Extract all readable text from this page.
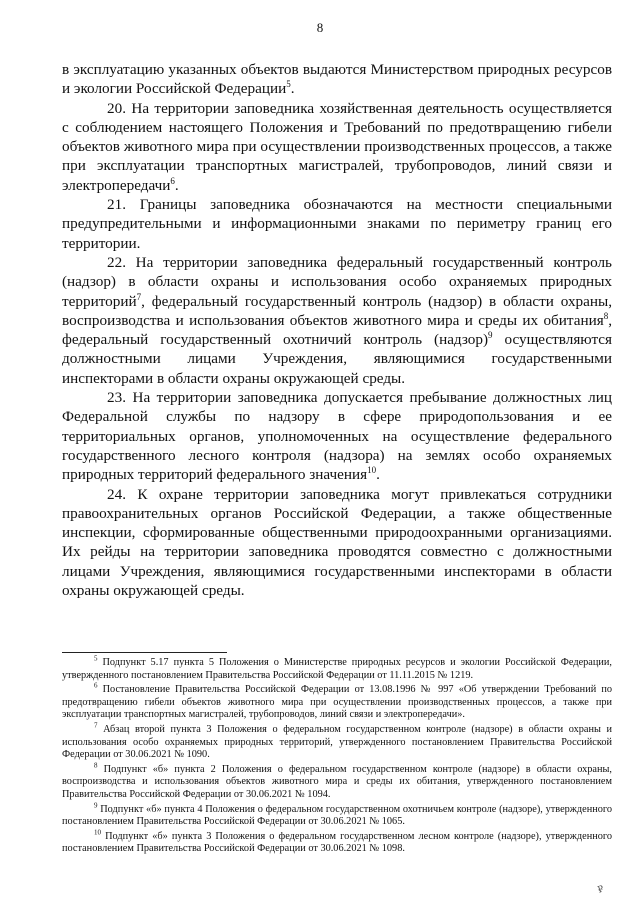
8

в эксплуатацию указанных объектов выдаются Министерством природных ресурсов и экологии Российской Федерации$^5$.

20. На территории заповедника хозяйственная деятельность осуществляется с соблюдением настоящего Положения и Требований по предотвращению гибели объектов животного мира при осуществлении производственных процессов, а также при эксплуатации транспортных магистралей, трубопроводов, линий связи и электропередачи$^6$.

21. Границы заповедника обозначаются на местности специальными предупредительными и информационными знаками по периметру границ его территории.

22. На территории заповедника федеральный государственный контроль (надзор) в области охраны и использования особо охраняемых природных территорий$^7$, федеральный государственный контроль (надзор) в области охраны, воспроизводства и использования объектов животного мира и среды их обитания$^8$, федеральный государственный охотничий контроль (надзор)$^9$ осуществляются должностными лицами Учреждения, являющимися государственными инспекторами в области охраны окружающей среды.

23. На территории заповедника допускается пребывание должностных лиц Федеральной службы по надзору в сфере природопользования и ее территориальных органов, уполномоченных на осуществление федерального государственного лесного контроля (надзора) на землях особо охраняемых природных территорий федерального значения$^{10}$.

24. К охране территории заповедника могут привлекаться сотрудники правоохранительных органов Российской Федерации, а также общественные инспекции, сформированные общественными природоохранными организациями. Их рейды на территории заповедника проводятся совместно с должностными лицами Учреждения, являющимися государственными инспекторами в области охраны окружающей среды.

$^5$ Подпункт 5.17 пункта 5 Положения о Министерстве природных ресурсов и экологии Российской Федерации, утвержденного постановлением Правительства Российской Федерации от 11.11.2015 № 1219.

$^6$ Постановление Правительства Российской Федерации от 13.08.1996 № 997 «Об утверждении Требований по предотвращению гибели объектов животного мира при осуществлении производственных процессов, а также при эксплуатации транспортных магистралей, трубопроводов, линий связи и электропередачи».

$^7$ Абзац второй пункта 3 Положения о федеральном государственном контроле (надзоре) в области охраны и использования особо охраняемых природных территорий, утвержденного постановлением Правительства Российской Федерации от 30.06.2021 № 1090.

$^8$ Подпункт «б» пункта 2 Положения о федеральном государственном контроле (надзоре) в области охраны, воспроизводства и использования объектов животного мира и среды их обитания, утвержденного постановлением Правительства Российской Федерации от 30.06.2021 № 1094.

$^9$ Подпункт «б» пункта 4 Положения о федеральном государственном охотничьем контроле (надзоре), утвержденного постановлением Правительства Российской Федерации от 30.06.2021 № 1065.

$^{10}$ Подпункт «б» пункта 3 Положения о федеральном государственном лесном контроле (надзоре), утвержденного постановлением Правительства Российской Федерации от 30.06.2021 № 1098.

₽
